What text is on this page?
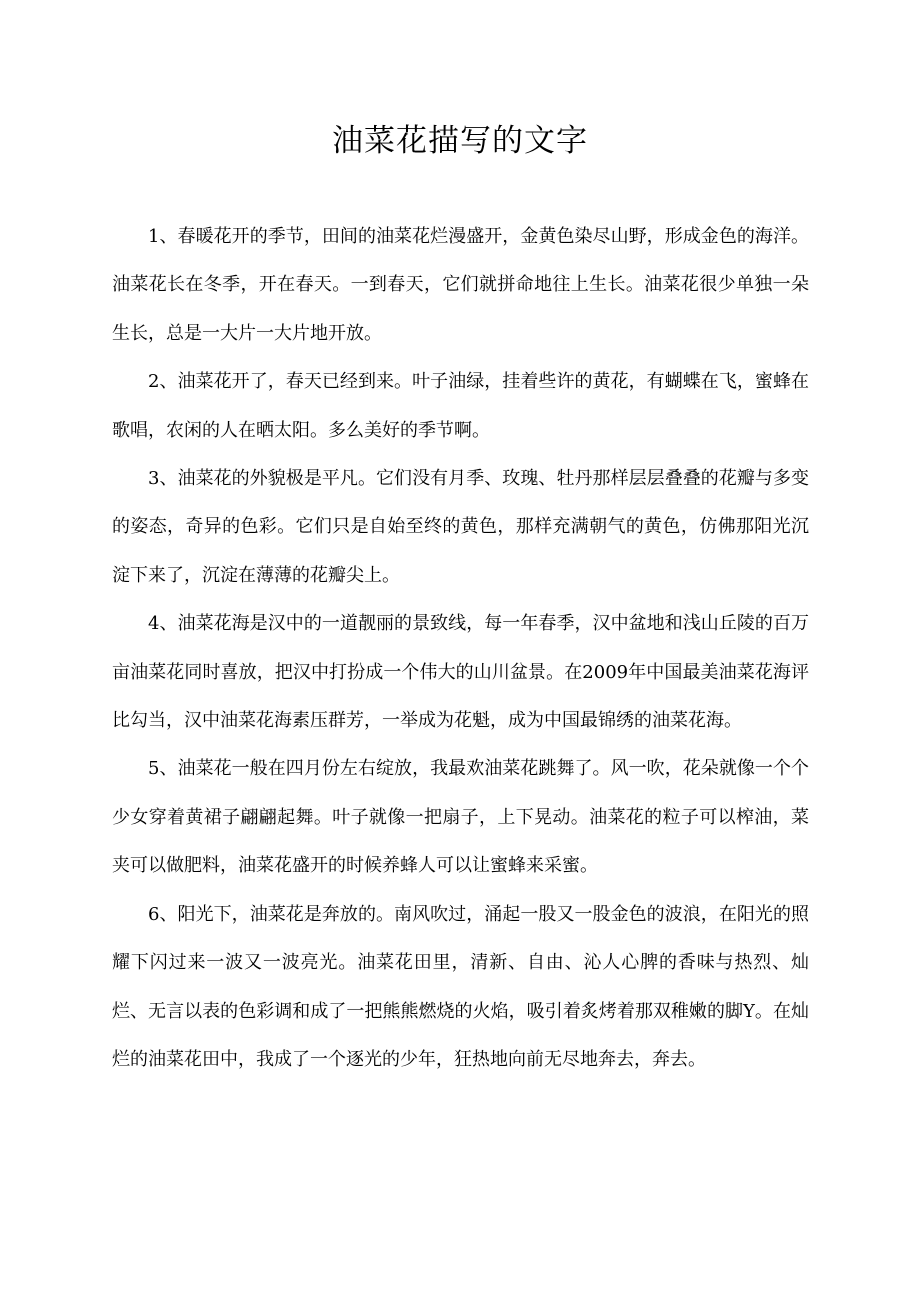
油菜花描写的文字

1、春暖花开的季节，田间的油菜花烂漫盛开，金黄色染尽山野，形成金色的海洋。油菜花长在冬季，开在春天。一到春天，它们就拼命地往上生长。油菜花很少单独一朵生长，总是一大片一大片地开放。

2、油菜花开了，春天已经到来。叶子油绿，挂着些许的黄花，有蝴蝶在飞，蜜蜂在歌唱，农闲的人在晒太阳。多么美好的季节啊。

3、油菜花的外貌极是平凡。它们没有月季、玫瑰、牡丹那样层层叠叠的花瓣与多变的姿态，奇异的色彩。它们只是自始至终的黄色，那样充满朝气的黄色，仿佛那阳光沉淀下来了，沉淀在薄薄的花瓣尖上。

4、油菜花海是汉中的一道靓丽的景致线，每一年春季，汉中盆地和浅山丘陵的百万亩油菜花同时喜放，把汉中打扮成一个伟大的山川盆景。在2009年中国最美油菜花海评比勾当，汉中油菜花海素压群芳，一举成为花魁，成为中国最锦绣的油菜花海。

5、油菜花一般在四月份左右绽放，我最欢油菜花跳舞了。风一吹，花朵就像一个个少女穿着黄裙子翩翩起舞。叶子就像一把扇子，上下晃动。油菜花的粒子可以榨油，菜夹可以做肥料，油菜花盛开的时候养蜂人可以让蜜蜂来采蜜。

6、阳光下，油菜花是奔放的。南风吹过，涌起一股又一股金色的波浪，在阳光的照耀下闪过来一波又一波亮光。油菜花田里，清新、自由、沁人心脾的香味与热烈、灿烂、无言以表的色彩调和成了一把熊熊燃烧的火焰，吸引着炙烤着那双稚嫩的脚Y。在灿烂的油菜花田中，我成了一个逐光的少年，狂热地向前无尽地奔去，奔去。
